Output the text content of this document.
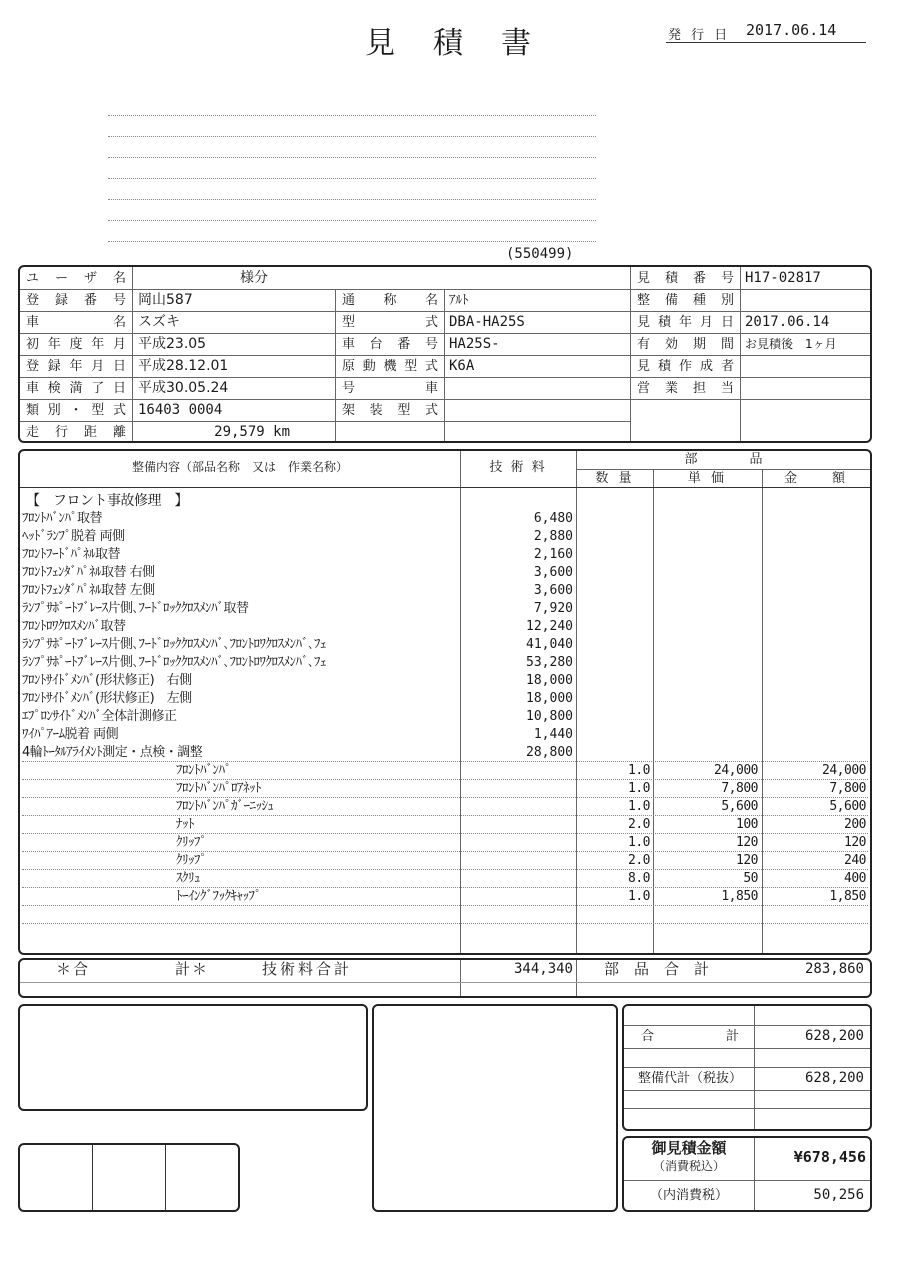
見　積　書	発 行 日 2017.06.14
(550499)
ユーザ名	様分
登録番号 岡山587
車名 スズキ
初年度年月 平成23.05
登録年月日 平成28.12.01
車検満了日 平成30.05.24
類別・型式 16403 0004
走行距離	29,579 km
通称名 ｱﾙﾄ
型式 DBA-HA25S
車台番号 HA25S-
原動機型式 K6A
号車
架装型式
見積番号 H17-02817
整備種別
見積年月日 2017.06.14
有効期間 お見積後　1ヶ月
見積作成者
営業担当
整備内容（部品名称　又は　作業名称）	技 術 料
部　　　　品
数 量	単 価	金　　額
【　フロント事故修理　】
ﾌﾛﾝﾄﾊﾞﾝﾊﾟ取替	6,480
ﾍｯﾄﾞﾗﾝﾌﾟ脱着 両側	2,880
ﾌﾛﾝﾄﾌｰﾄﾞﾊﾟﾈﾙ取替	2,160
ﾌﾛﾝﾄﾌｪﾝﾀﾞﾊﾟﾈﾙ取替 右側	3,600
ﾌﾛﾝﾄﾌｪﾝﾀﾞﾊﾟﾈﾙ取替 左側	3,600
ﾗﾝﾌﾟｻﾎﾟｰﾄﾌﾞﾚｰｽ片側､ﾌｰﾄﾞﾛｯｸｸﾛｽﾒﾝﾊﾞ取替	7,920
ﾌﾛﾝﾄﾛﾜｸﾛｽﾒﾝﾊﾞ取替	12,240
ﾗﾝﾌﾟｻﾎﾟｰﾄﾌﾞﾚｰｽ片側､ﾌｰﾄﾞﾛｯｸｸﾛｽﾒﾝﾊﾞ､ﾌﾛﾝﾄﾛﾜｸﾛｽﾒﾝﾊﾞ､ﾌｪ	41,040
ﾗﾝﾌﾟｻﾎﾟｰﾄﾌﾞﾚｰｽ片側､ﾌｰﾄﾞﾛｯｸｸﾛｽﾒﾝﾊﾞ､ﾌﾛﾝﾄﾛﾜｸﾛｽﾒﾝﾊﾞ､ﾌｪ	53,280
ﾌﾛﾝﾄｻｲﾄﾞﾒﾝﾊﾞ(形状修正)　右側	18,000
ﾌﾛﾝﾄｻｲﾄﾞﾒﾝﾊﾞ(形状修正)　左側	18,000
ｴﾌﾟﾛﾝｻｲﾄﾞﾒﾝﾊﾞ全体計測修正	10,800
ﾜｲﾊﾟｱｰﾑ脱着 両側	1,440
4輪ﾄｰﾀﾙｱﾗｲﾒﾝﾄ測定・点検・調整	28,800
ﾌﾛﾝﾄﾊﾞﾝﾊﾟ	1.0	24,000	24,000
ﾌﾛﾝﾄﾊﾞﾝﾊﾟﾛｱﾈｯﾄ	1.0	7,800	7,800
ﾌﾛﾝﾄﾊﾞﾝﾊﾟｶﾞｰﾆｯｼｭ	1.0	5,600	5,600
ﾅｯﾄ	2.0	100	200
ｸﾘｯﾌﾟ	1.0	120	120
ｸﾘｯﾌﾟ	2.0	120	240
ｽｸﾘｭ	8.0	50	400
ﾄｰｲﾝｸﾞﾌｯｸｷｬｯﾌﾟ	1.0	1,850	1,850
＊合　　　　　計＊	技術料合計	344,340 部　品　合　計	283,860
合　　　　　計	628,200
整備代計（税抜）	628,200
御見積金額
（消費税込）	¥678,456
（内消費税）	50,256
